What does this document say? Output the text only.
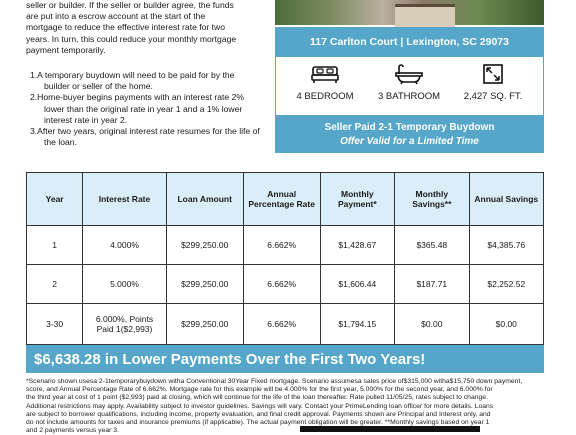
seller or builder. If the seller or builder agree, the funds
are put into a escrow account at the start of the
mortgage to reduce the effective interest rate for two
years. In turn, this could reduce your monthly mortgage
payment temporarily.
1.A temporary buydown will need to be paid for by the builder or seller of the home.
2.Home-buyer begins payments with an interest rate 2% lower than the original rate in year 1 and a 1% lower interest rate in year 2.
3.After two years, original interest rate resumes for the life of the loan.
117 Carlton Court | Lexington, SC 29073
4 BEDROOM	3 BATHROOM	2,427 SQ. FT.
Seller Paid 2-1 Temporary Buydown
Offer Valid for a Limited Time
Year	Interest Rate	Loan Amount	Annual Percentage Rate	Monthly Payment*	Monthly Savings**	Annual Savings
1	4.000%	$299,250.00	6.662%	$1,428.67	$365.48	$4,385.76
2	5.000%	$299,250.00	6.662%	$1,606.44	$187.71	$2,252.52
3-30	6.000%, Points Paid 1($2,993)	$299,250.00	6.662%	$1,794.15	$0.00	$0.00
$6,638.28 in Lower Payments Over the First Two Years!
*Scenario shown usesa 2-1temporarybuydown witha Conventional 30Year Fixed mortgage. Scenario assumesa sales price of$315,000 witha$15,750 down payment,
score, and Annual Percentage Rate of 6.662%. Mortgage rate for this example will be 4.000% for the first year, 5.000% for the second year, and 6.000% for
the third year at cost of 1 point ($2,993) paid at closing, which will continue for the life of the loan thereafter. Rate pulled 11/05/25, rates subject to change.
Additional restrictions may apply. Availability subject to investor guidelines. Savings will vary. Contact your PrimeLending loan officer for more details. Loans
are subject to borrower qualifications, including income, property evaluation, and final credit approval. Payments shown are Principal and Interest only, and
do not include amounts for taxes and insurance premiums (if applicable). The actual payment obligation will be greater. **Monthly savings based on year 1
and 2 payments versus year 3.
